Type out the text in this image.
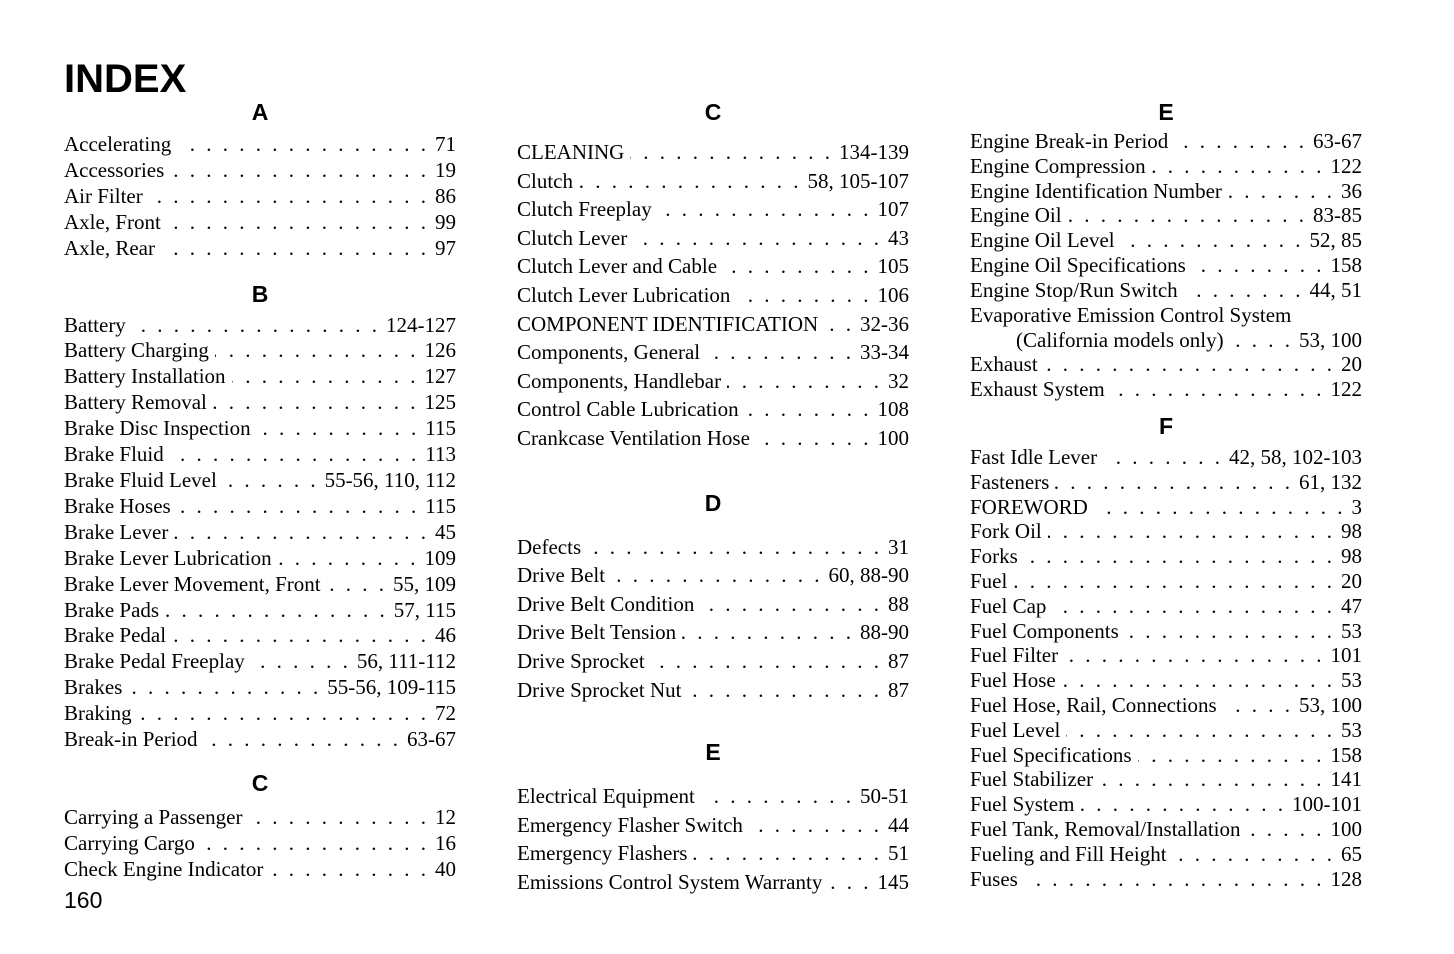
INDEX
A
Accelerating . . .	71
Accessories . . .	19
Air Filter . . .	86
Axle, Front . . .	99
Axle, Rear . . .	97
B
Battery . . .	124-127
Battery Charging . . .	126
Battery Installation . . .	127
Battery Removal . . .	125
Brake Disc Inspection . . .	115
Brake Fluid . . .	113
Brake Fluid Level . . .	55-56, 110, 112
Brake Hoses . . .	115
Brake Lever . . .	45
Brake Lever Lubrication . . .	109
Brake Lever Movement, Front . . .	55, 109
Brake Pads . . .	57, 115
Brake Pedal . . .	46
Brake Pedal Freeplay . . .	56, 111-112
Brakes . . .	55-56, 109-115
Braking . . .	72
Break-in Period . . .	63-67
C
Carrying a Passenger . . .	12
Carrying Cargo . . .	16
Check Engine Indicator . . .	40
C
CLEANING . . .	134-139
Clutch . . .	58, 105-107
Clutch Freeplay . . .	107
Clutch Lever . . .	43
Clutch Lever and Cable . . .	105
Clutch Lever Lubrication . . .	106
COMPONENT IDENTIFICATION . . . 32-36
Components, General . . .	33-34
Components, Handlebar . . .	32
Control Cable Lubrication . . .	108
Crankcase Ventilation Hose . . .	100
D
Defects . . .	31
Drive Belt . . .	60, 88-90
Drive Belt Condition . . .	88
Drive Belt Tension . . .	88-90
Drive Sprocket . . .	87
Drive Sprocket Nut . . .	87
E
Electrical Equipment . . .	50-51
Emergency Flasher Switch . . .	44
Emergency Flashers . . .	51
Emissions Control System Warranty . . .	145
E
Engine Break-in Period . . .	63-67
Engine Compression . . .	122
Engine Identification Number . . .	36
Engine Oil . . .	83-85
Engine Oil Level . . .	52, 85
Engine Oil Specifications . . .	158
Engine Stop/Run Switch . . .	44, 51
Evaporative Emission Control System
(California models only) . . .	53, 100
Exhaust . . .	20
Exhaust System . . .	122
F
Fast Idle Lever . . .	42, 58, 102-103
Fasteners . . .	61, 132
FOREWORD . . .	3
Fork Oil . . .	98
Forks . . .	98
Fuel . . .	20
Fuel Cap . . .	47
Fuel Components . . .	53
Fuel Filter . . .	101
Fuel Hose . . .	53
Fuel Hose, Rail, Connections . . .	53, 100
Fuel Level . . .	53
Fuel Specifications . . .	158
Fuel Stabilizer . . .	141
Fuel System . . .	100-101
Fuel Tank, Removal/Installation . . .	100
Fueling and Fill Height . . .	65
Fuses . . .	128
160
